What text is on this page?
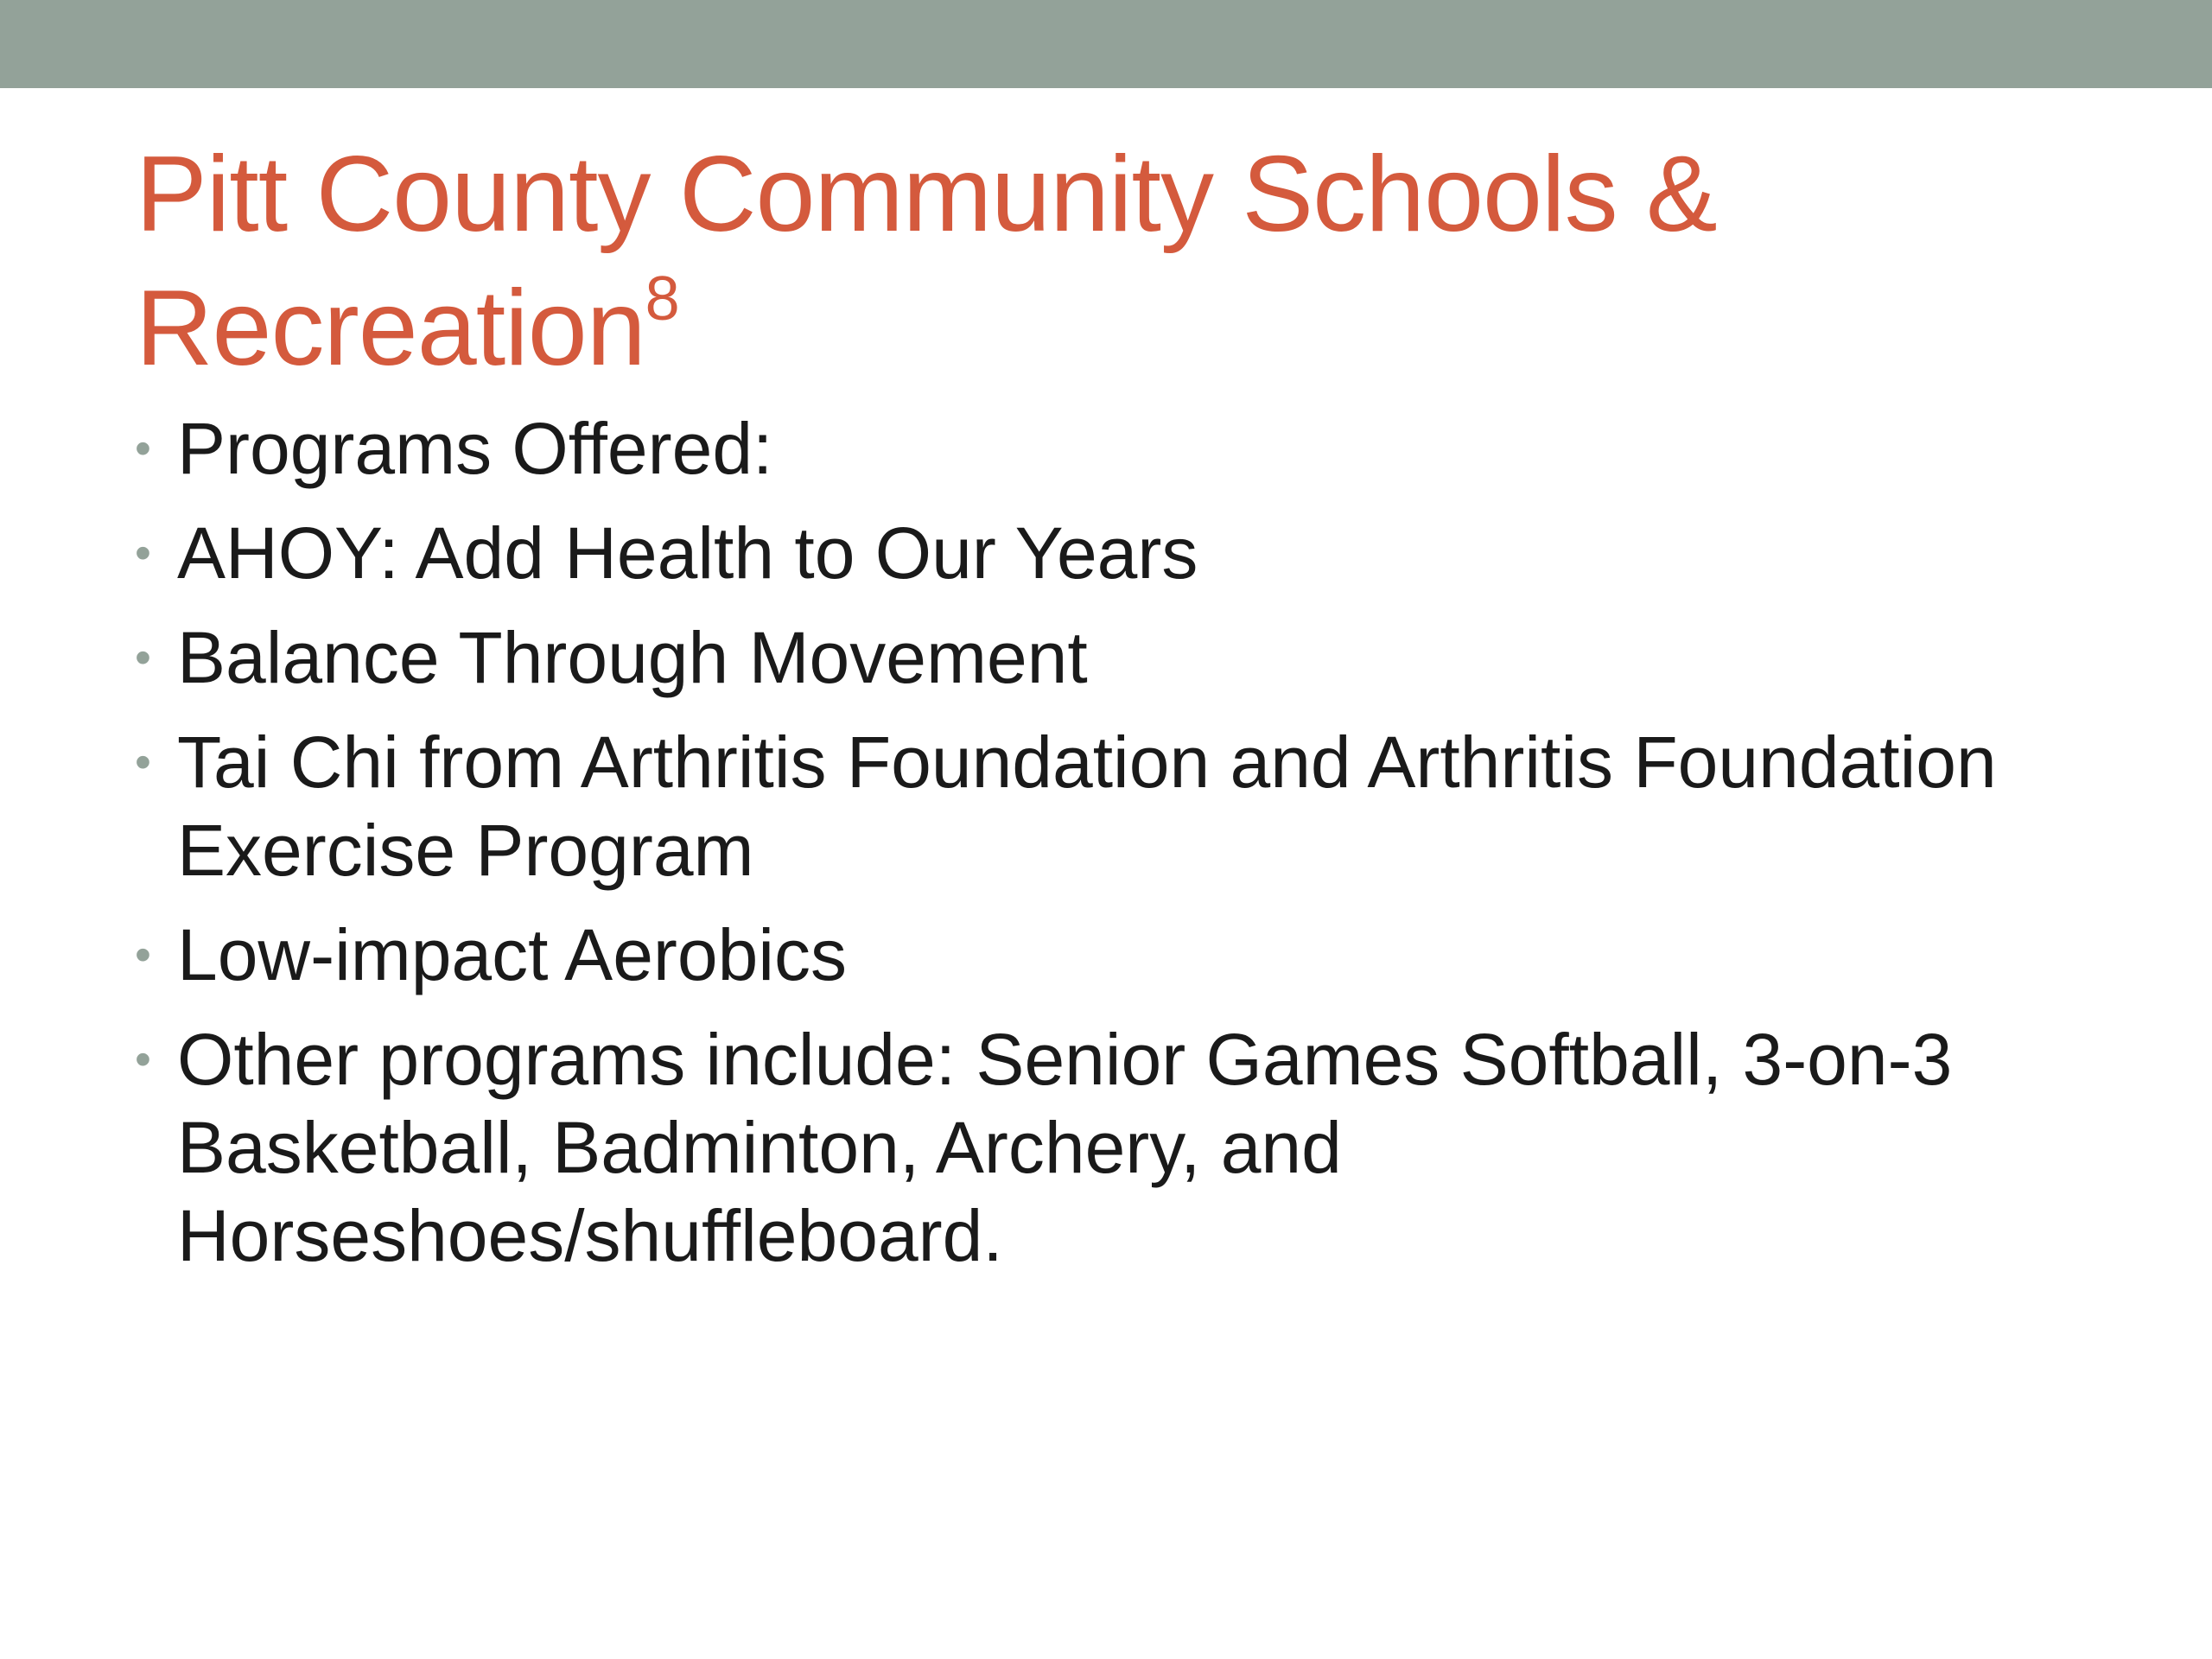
Pitt County Community Schools &
Recreation$^8$
• Programs Offered:
• AHOY: Add Health to Our Years
• Balance Through Movement
• Tai Chi from Arthritis Foundation and Arthritis Foundation Exercise Program
• Low-impact Aerobics
• Other programs include: Senior Games Softball, 3-on-3 Basketball, Badminton, Archery, and Horseshoes/shuffleboard.
